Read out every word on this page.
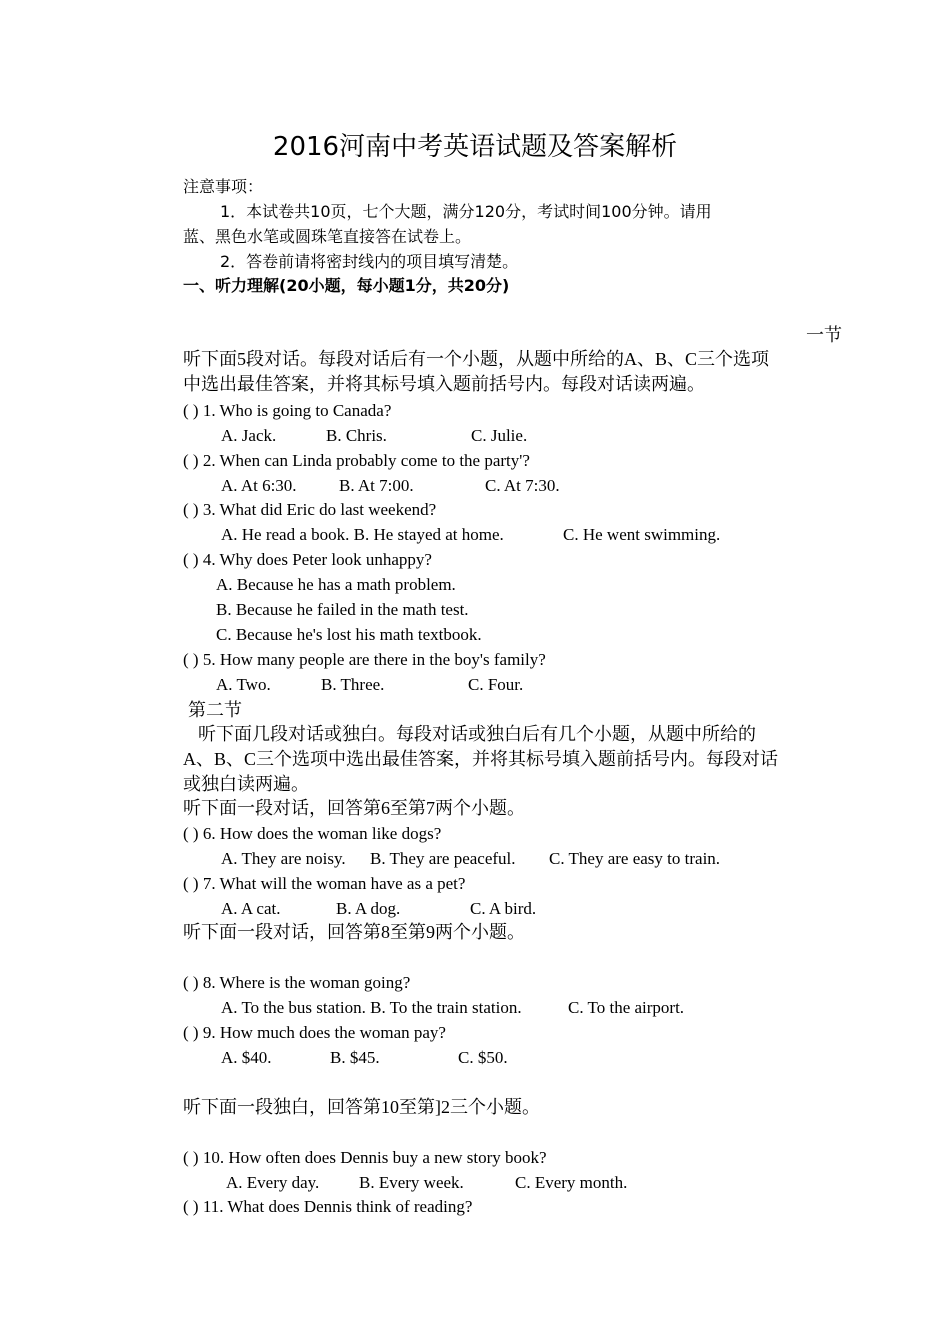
2016河南中考英语试题及答案解析
注意事项：
1．本试卷共10页，七个大题，满分120分，考试时间100分钟。请用
蓝、黑色水笔或圆珠笔直接答在试卷上。
2．答卷前请将密封线内的项目填写清楚。
一、听力理解(20小题，每小题1分，共20分)
一节
听下面5段对话。每段对话后有一个小题，从题中所给的A、B、C三个选项
中选出最佳答案，并将其标号填入题前括号内。每段对话读两遍。
( ) 1. Who is going to Canada?
A. Jack.	B. Chris.	C. Julie.
( ) 2. When can Linda probably come to the party'?
A. At 6:30. B. At 7:00.	C. At 7:30.
( ) 3. What did Eric do last weekend?
A. He read a book. B. He stayed at home.	C. He went swimming.
( ) 4. Why does Peter look unhappy?
A. Because he has a math problem.
B. Because he failed in the math test.
C. Because he's lost his math textbook.
( ) 5. How many people are there in the boy's family?
A. Two.	B. Three.	C. Four.
第二节
听下面几段对话或独白。每段对话或独白后有几个小题，从题中所给的
A、B、C三个选项中选出最佳答案，并将其标号填入题前括号内。每段对话
或独白读两遍。
听下面一段对话，回答第6至第7两个小题。
( ) 6. How does the woman like dogs?
A. They are noisy. B. They are peaceful. C. They are easy to train.
( ) 7. What will the woman have as a pet?
A. A cat.	B. A dog.	C. A bird.
听下面一段对话，回答第8至第9两个小题。
( ) 8. Where is the woman going?
A. To the bus station. B. To the train station.	C. To the airport.
( ) 9. How much does the woman pay?
A. $40.	B. $45.	C. $50.
听下面一段独白，回答第10至第]2三个小题。
( ) 10. How often does Dennis buy a new story book?
A. Every day. B. Every week.	C. Every month.
( ) 11. What does Dennis think of reading?
